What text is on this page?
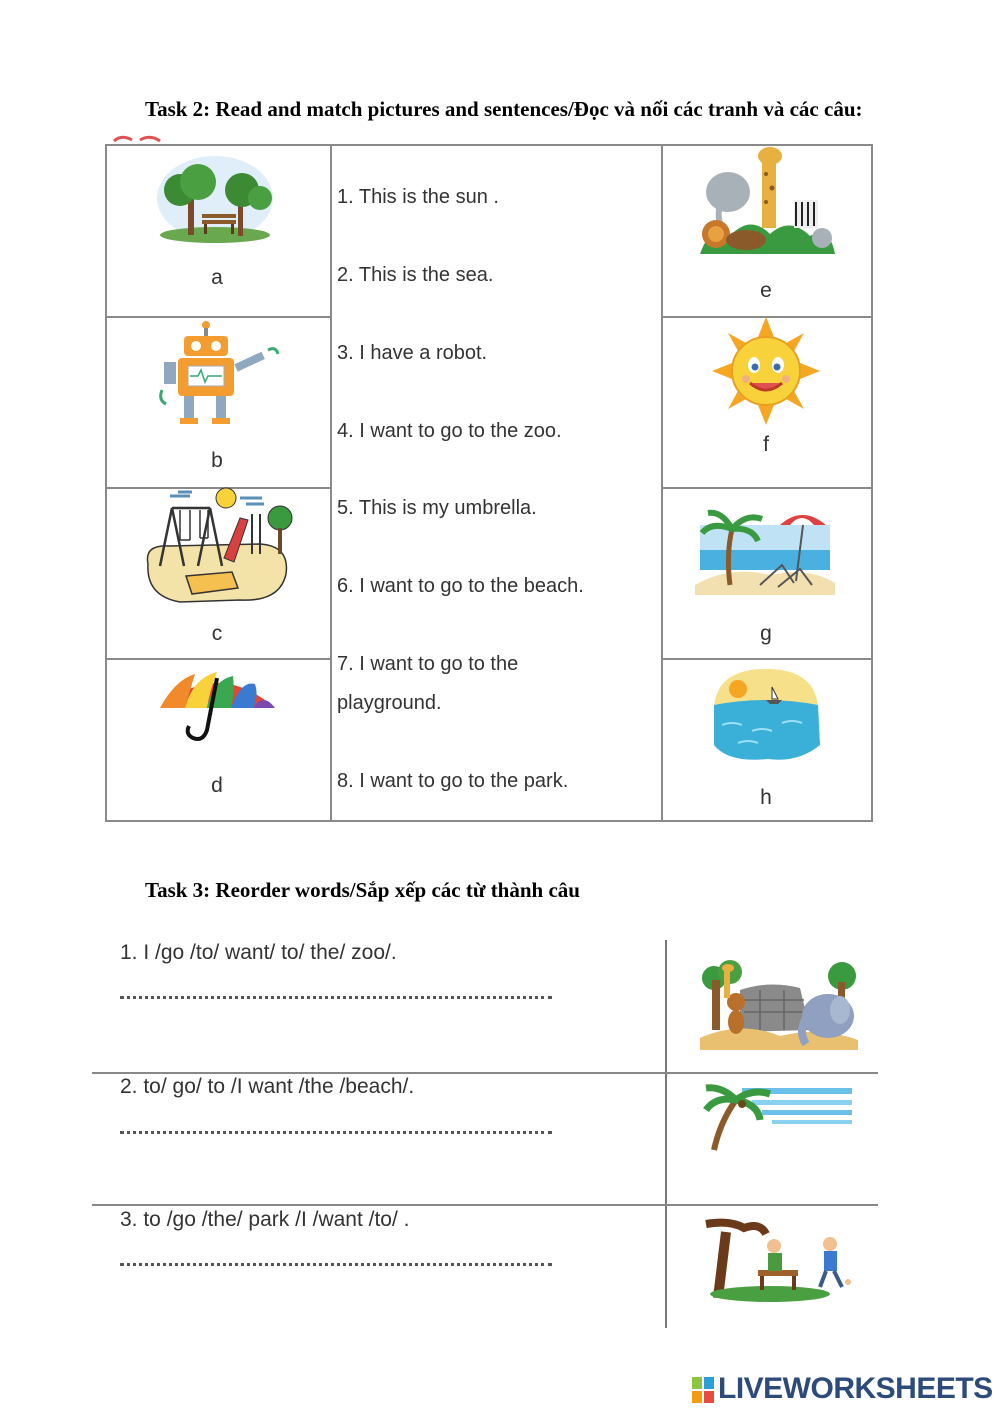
Task 2: Read and match pictures and sentences/Đọc và nối các tranh và các câu:
a
b
c
d
1. This is the sun .
2. This is the sea.
3. I have a robot.
4. I want to go to the zoo.
5. This is my umbrella.
6. I want to go to the beach.
7. I want to go to the
playground.
8. I want to go to the park.
e
f
g
h
Task 3: Reorder words/Sắp xếp các từ thành câu
1. I /go /to/ want/ to/ the/ zoo/.
2. to/ go/ to /I want /the /beach/.
3. to /go /the/ park /I /want /to/ .
LIVEWORKSHEETS
